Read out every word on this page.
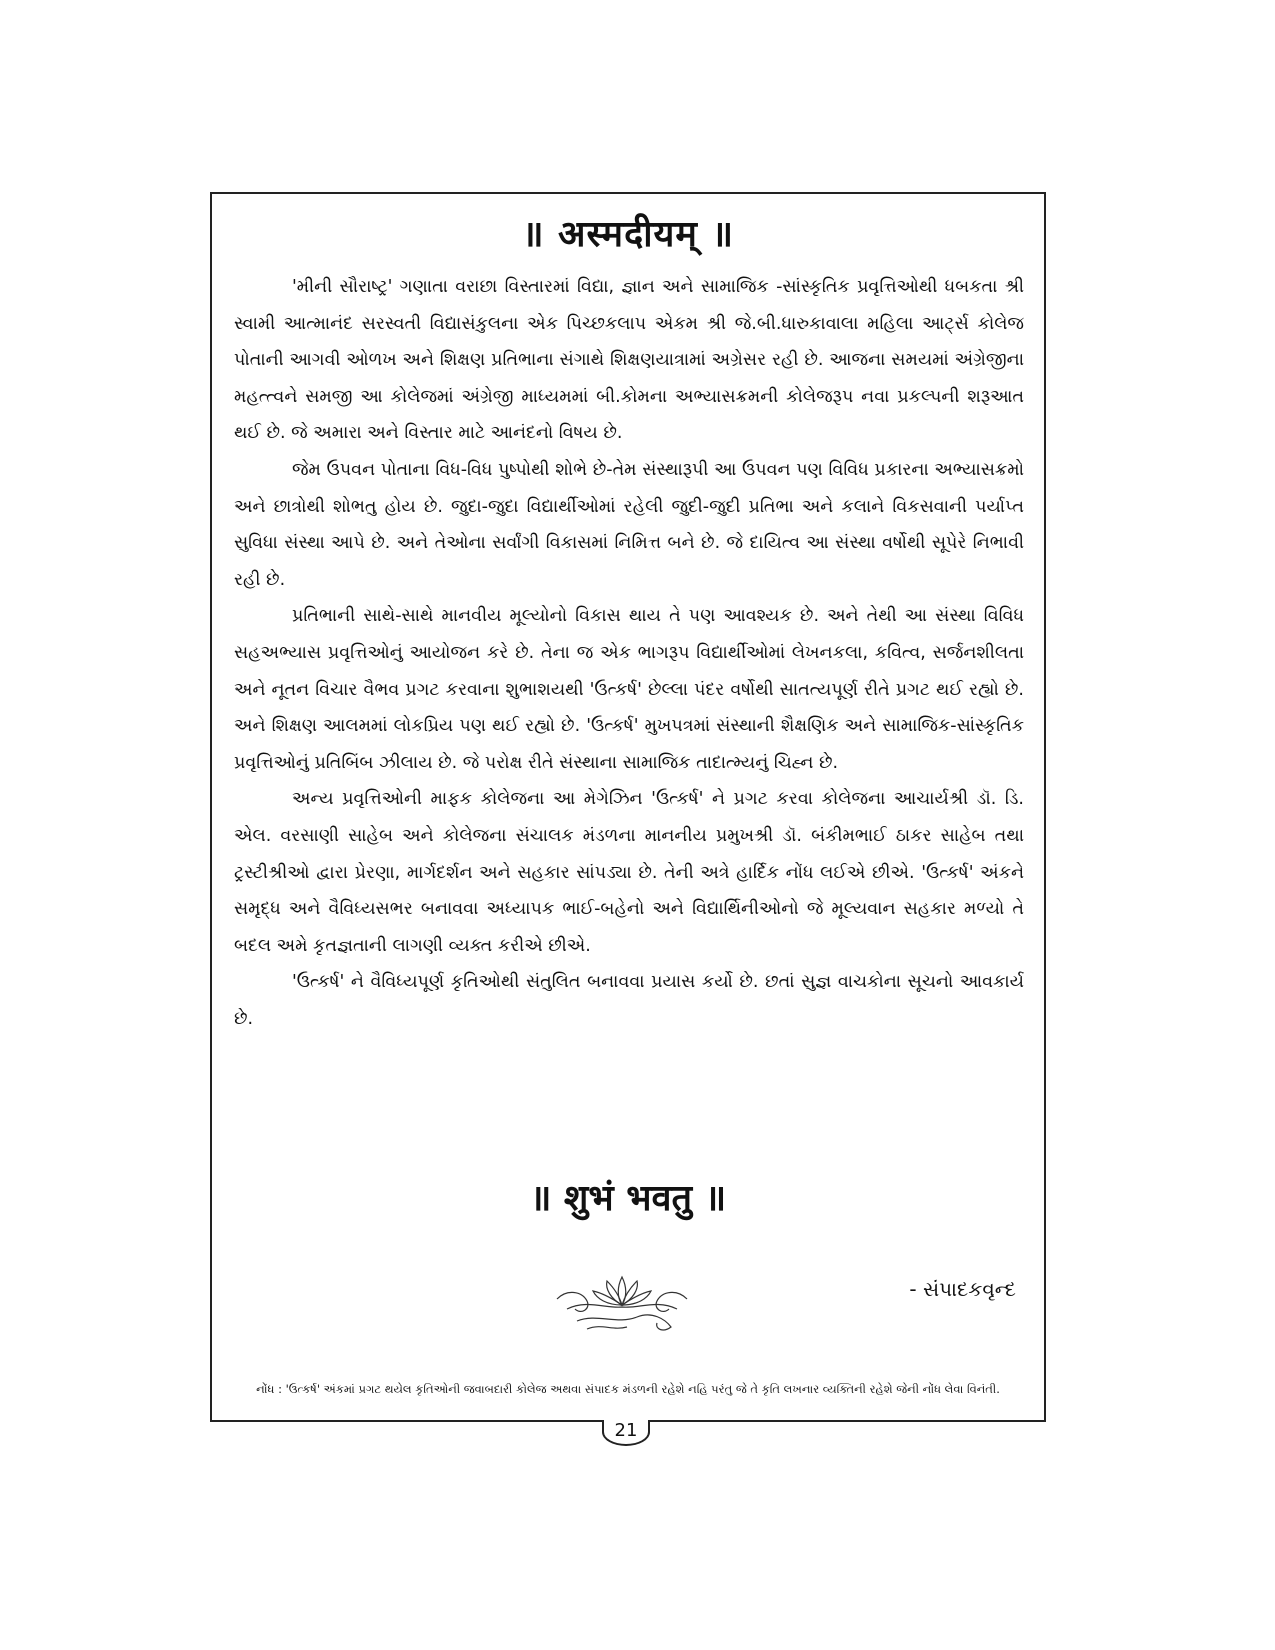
॥ अस्मदीयम् ॥

'મીની સૌરાષ્ટ્ર' ગણાતા વરાછા વિસ્તારમાં વિદ્યા, જ્ઞાન અને સામાજિક -સાંસ્કૃતિક પ્રવૃત્તિઓથી ધબકતા શ્રી સ્વામી આત્માનંદ સરસ્વતી વિદ્યાસંકુલના એક પિચ્છકલાપ એકમ શ્રી જે.બી.ધારુકાવાલા મહિલા આર્ટ્સ કોલેજ પોતાની આગવી ઓળખ અને શિક્ષણ પ્રતિભાના સંગાથે શિક્ષણયાત્રામાં અગ્રેસર રહી છે. આજના સમયમાં અંગ્રેજીના મહત્ત્વને સમજી આ કોલેજમાં અંગ્રેજી માધ્યમમાં બી.કોમના અભ્યાસક્રમની કોલેજરૂપ નવા પ્રકલ્પની શરૂઆત થઈ છે. જે અમારા અને વિસ્તાર માટે આનંદનો વિષય છે.

જેમ ઉપવન પોતાના વિધ-વિધ પુષ્પોથી શોભે છે-તેમ સંસ્થારૂપી આ ઉપવન પણ વિવિધ પ્રકારના અભ્યાસક્રમો અને છાત્રોથી શોભતુ હોય છે. જુદા-જુદા વિદ્યાર્થીઓમાં રહેલી જુદી-જુદી પ્રતિભા અને કલાને વિકસવાની પર્યાપ્ત સુવિધા સંસ્થા આપે છે. અને તેઓના સર્વાંગી વિકાસમાં નિમિત્ત બને છે. જે દાયિત્વ આ સંસ્થા વર્ષોથી સૂપેરે નિભાવી રહી છે.

પ્રતિભાની સાથે-સાથે માનવીય મૂલ્યોનો વિકાસ થાય તે પણ આવશ્યક છે. અને તેથી આ સંસ્થા વિવિધ સહઅભ્યાસ પ્રવૃત્તિઓનું આયોજન કરે છે. તેના જ એક ભાગરૂપ વિદ્યાર્થીઓમાં લેખનકલા, કવિત્વ, સર્જનશીલતા અને નૂતન વિચાર વૈભવ પ્રગટ કરવાના શુભાશયથી 'ઉત્કર્ષ' છેલ્લા પંદર વર્ષોથી સાતત્યપૂર્ણ રીતે પ્રગટ થઈ રહ્યો છે. અને શિક્ષણ આલમમાં લોકપ્રિય પણ થઈ રહ્યો છે. 'ઉત્કર્ષ' મુખપત્રમાં સંસ્થાની શૈક્ષણિક અને સામાજિક-સાંસ્કૃતિક પ્રવૃત્તિઓનું પ્રતિબિંબ ઝીલાય છે. જે પરોક્ષ રીતે સંસ્થાના સામાજિક તાદાત્મ્યનું ચિહ્ન છે.

અન્ય પ્રવૃત્તિઓની માફક કોલેજના આ મેગેઝિન 'ઉત્કર્ષ' ને પ્રગટ કરવા કોલેજના આચાર્યશ્રી ડૉ. ડિ. એલ. વરસાણી સાહેબ અને કોલેજના સંચાલક મંડળના માનનીય પ્રમુખશ્રી ડૉ. બંકીમભાઈ ઠાકર સાહેબ તથા ટ્રસ્ટીશ્રીઓ દ્વારા પ્રેરણા, માર્ગદર્શન અને સહકાર સાંપડ્યા છે. તેની અત્રે હાર્દિક નોંધ લઈએ છીએ. 'ઉત્કર્ષ' અંકને સમૃદ્ધ અને વૈવિધ્યસભર બનાવવા અધ્યાપક ભાઈ-બહેનો અને વિદ્યાર્થિનીઓનો જે મૂલ્યવાન સહકાર મળ્યો તે બદલ અમે કૃતજ્ઞતાની લાગણી વ્યક્ત કરીએ છીએ.

'ઉત્કર્ષ' ને વૈવિધ્યપૂર્ણ કૃતિઓથી સંતુલિત બનાવવા પ્રયાસ કર્યો છે. છતાં સુજ્ઞ વાચકોના સૂચનો આવકાર્ય છે.

॥ शुभं भवतु ॥
- સંપાદકવૃન્દ
નોંધ : 'ઉત્કર્ષ' અંકમાં પ્રગટ થયેલ કૃતિઓની જવાબદારી કોલેજ અથવા સંપાદક મંડળની રહેશે નહિ પરંતુ જે તે કૃતિ લખનાર વ્યક્તિની રહેશે જેની નોંધ લેવા વિનંતી.
21
